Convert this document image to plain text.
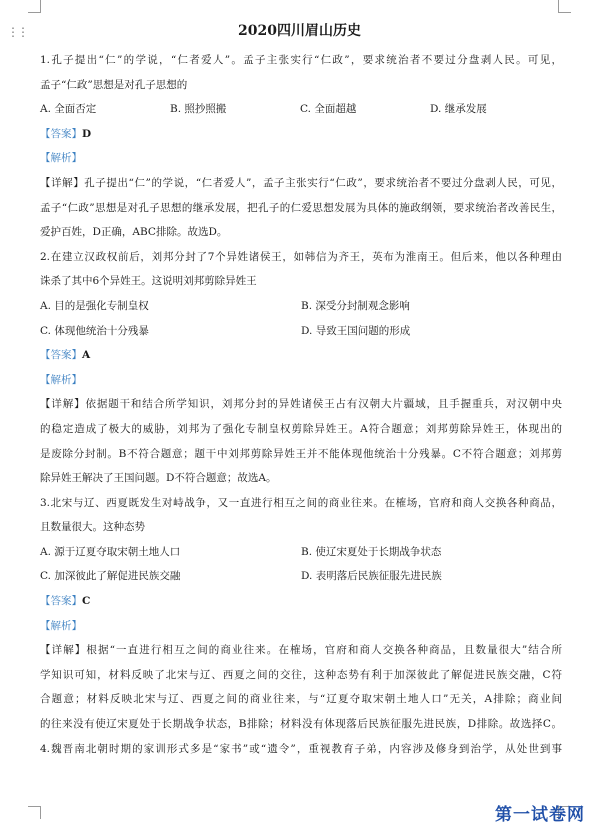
⋮⋮	2020四川眉山历史
1.孔子提出“仁”的学说，“仁者爱人”。孟子主张实行“仁政”，要求统治者不要过分盘剥人民。可见，
孟子“仁政”思想是对孔子思想的
A. 全面否定	B. 照抄照搬	C. 全面超越	D. 继承发展
【答案】D
【解析】
【详解】孔子提出“仁”的学说，“仁者爱人”，孟子主张实行“仁政”，要求统治者不要过分盘剥人民，可见，
孟子“仁政”思想是对孔子思想的继承发展，把孔子的仁爱思想发展为具体的施政纲领，要求统治者改善民生，
爱护百姓，D正确，ABC排除。故选D。
2.在建立汉政权前后，刘邦分封了7个异姓诸侯王，如韩信为齐王，英布为淮南王。但后来，他以各种理由
诛杀了其中6个异姓王。这说明刘邦剪除异姓王
A. 目的是强化专制皇权	B. 深受分封制观念影响
C. 体现他统治十分残暴	D. 导致王国问题的形成
【答案】A
【解析】
【详解】依据题干和结合所学知识，刘邦分封的异姓诸侯王占有汉朝大片疆域，且手握重兵，对汉朝中央
的稳定造成了极大的威胁，刘邦为了强化专制皇权剪除异姓王。A符合题意；刘邦剪除异姓王，体现出的
是废除分封制。B不符合题意；题干中刘邦剪除异姓王并不能体现他统治十分残暴。C不符合题意；刘邦剪
除异姓王解决了王国问题。D不符合题意；故选A。
3.北宋与辽、西夏既发生对峙战争，又一直进行相互之间的商业往来。在榷场，官府和商人交换各种商品，
且数量很大。这种态势
A. 源于辽夏夺取宋朝土地人口	B. 使辽宋夏处于长期战争状态
C. 加深彼此了解促进民族交融	D. 表明落后民族征服先进民族
【答案】C
【解析】
【详解】根据“一直进行相互之间的商业往来。在榷场，官府和商人交换各种商品，且数量很大”结合所
学知识可知，材料反映了北宋与辽、西夏之间的交往，这种态势有利于加深彼此了解促进民族交融，C符
合题意；材料反映北宋与辽、西夏之间的商业往来，与“辽夏夺取宋朝土地人口”无关，A排除；商业间
的往来没有使辽宋夏处于长期战争状态，B排除；材料没有体现落后民族征服先进民族，D排除。故选择C。
4.魏晋南北朝时期的家训形式多是“家书”或“遗令”，重视教育子弟，内容涉及修身到治学，从处世到事
第一试卷网
